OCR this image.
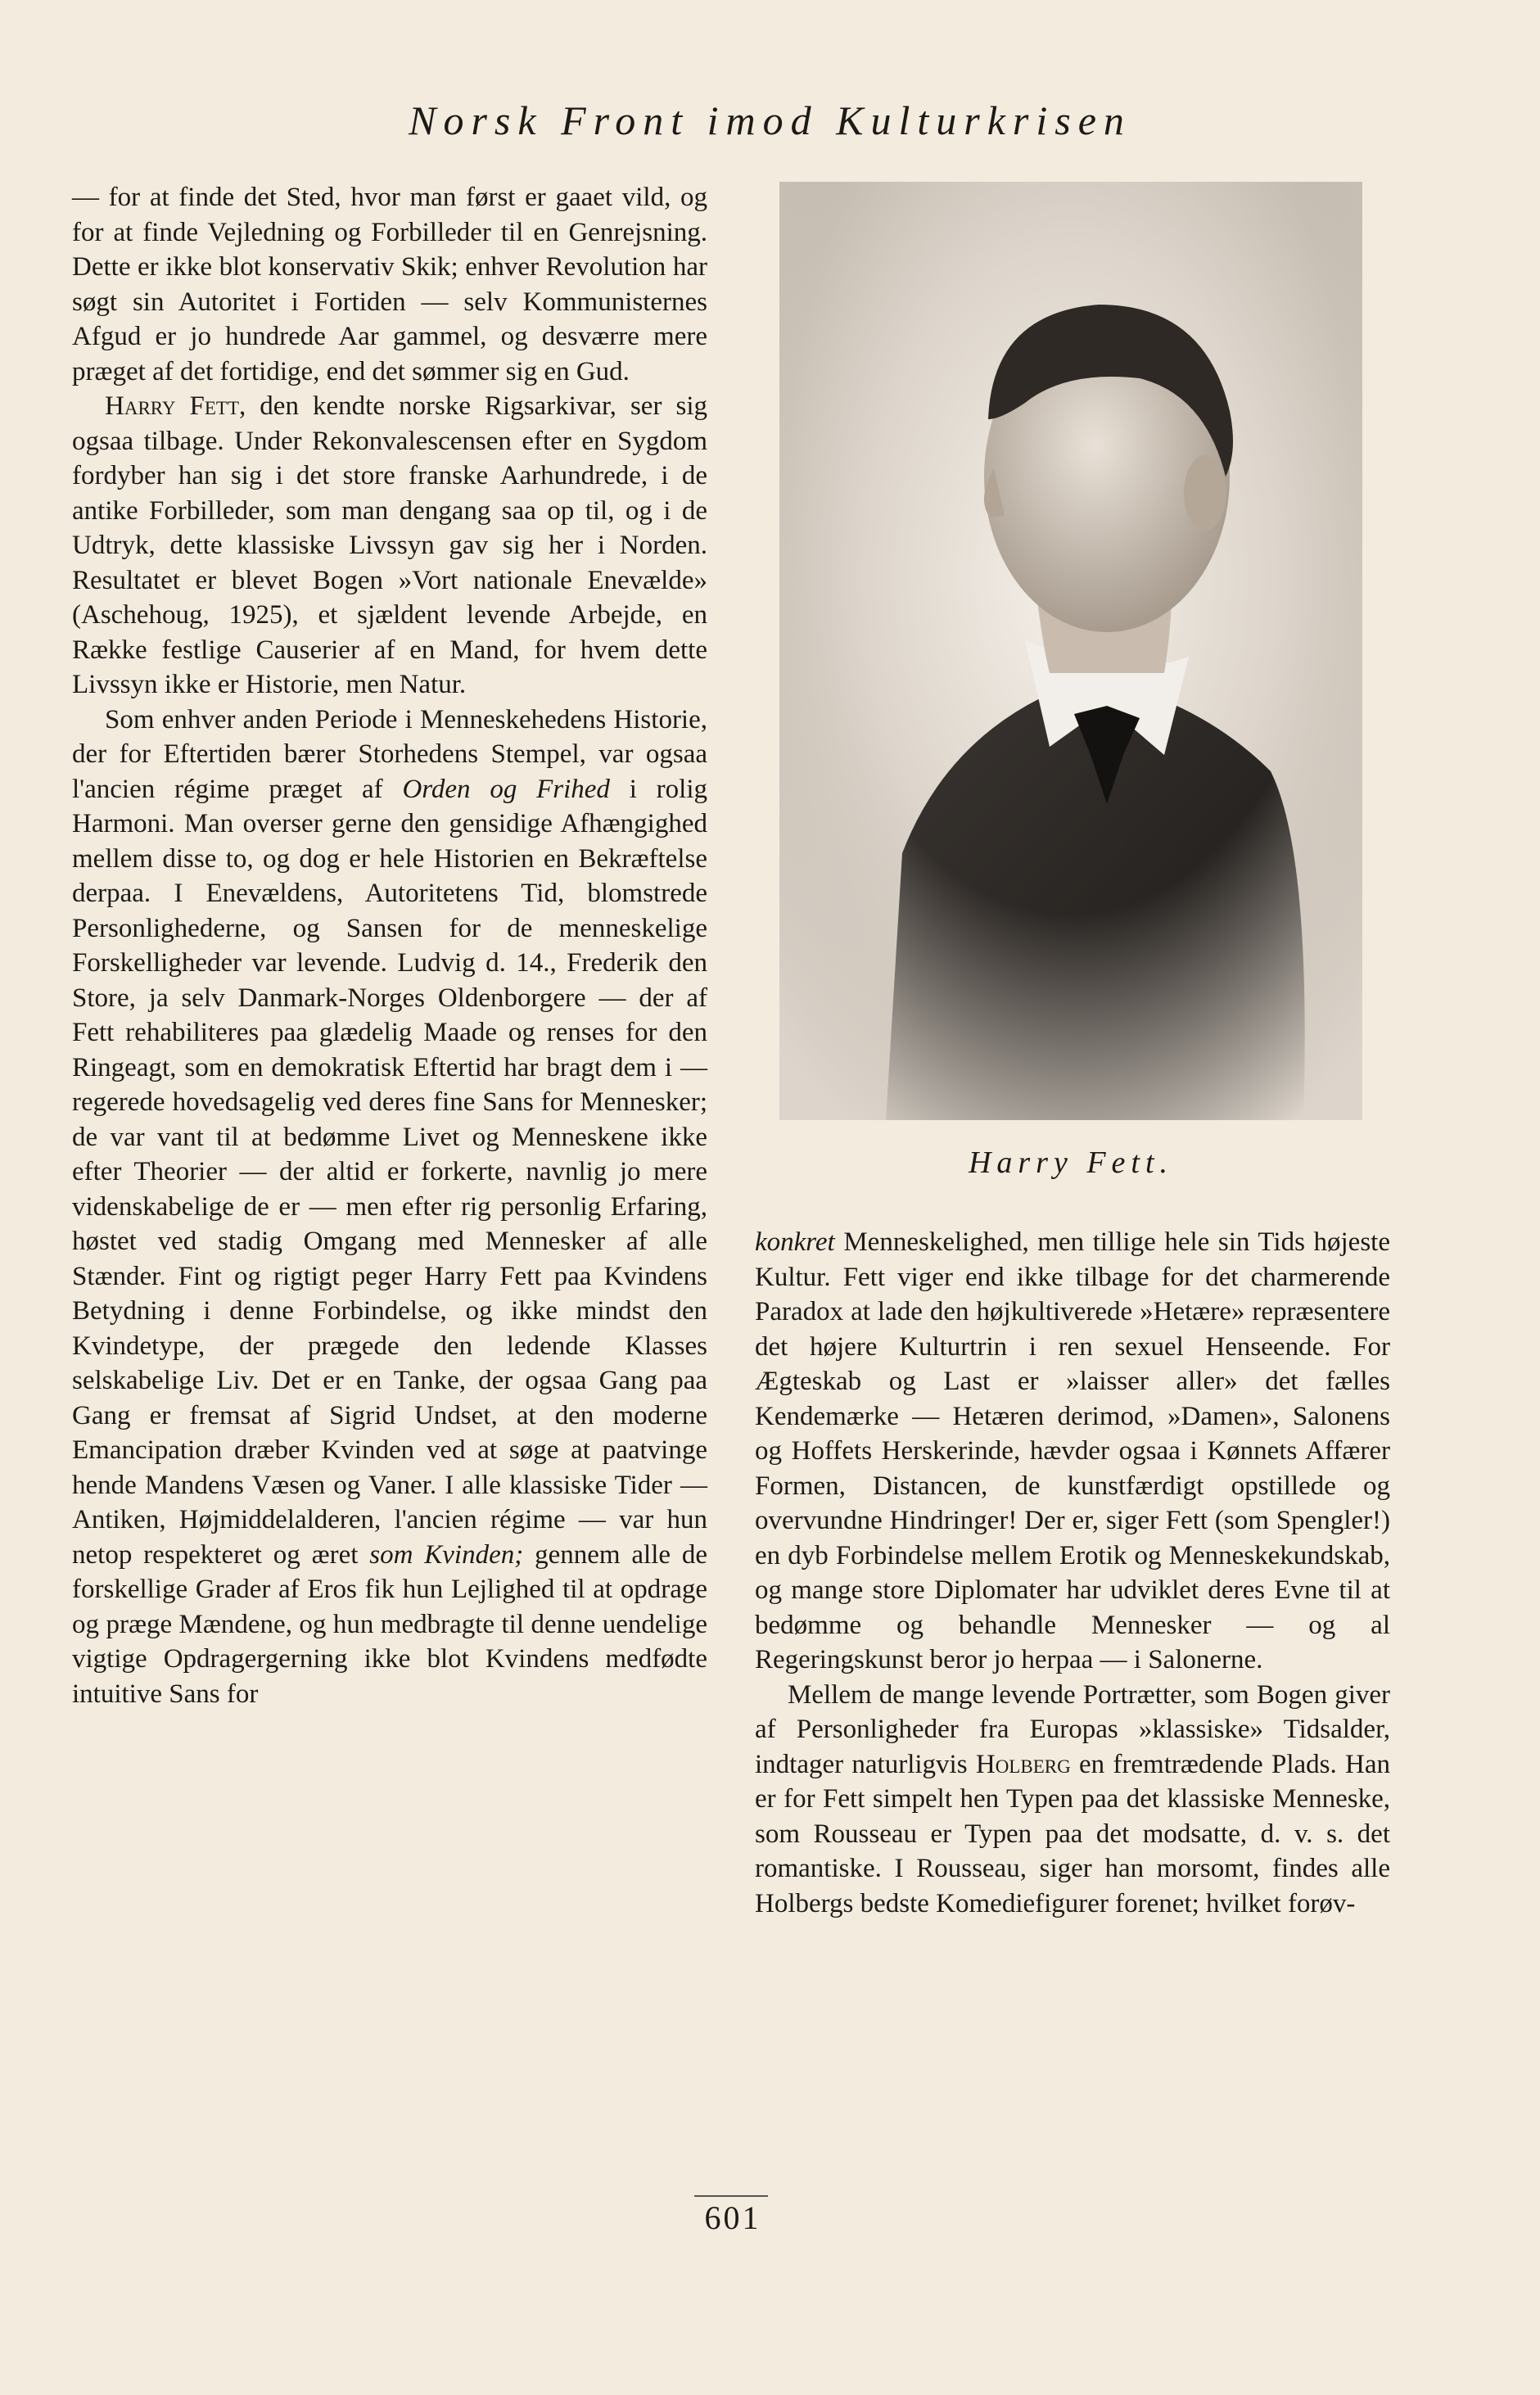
Norsk Front imod Kulturkrisen

— for at finde det Sted, hvor man først er gaaet vild, og for at finde Vejledning og Forbilleder til en Genrejsning. Dette er ikke blot konservativ Skik; enhver Revolution har søgt sin Autoritet i Fortiden — selv Kommunisternes Afgud er jo hundrede Aar gammel, og desværre mere præget af det fortidige, end det sømmer sig en Gud.

Harry Fett, den kendte norske Rigsarkivar, ser sig ogsaa tilbage. Under Rekonvalescensen efter en Sygdom fordyber han sig i det store franske Aarhundrede, i de antike Forbilleder, som man dengang saa op til, og i de Udtryk, dette klassiske Livssyn gav sig her i Norden. Resultatet er blevet Bogen »Vort nationale Enevælde» (Aschehoug, 1925), et sjældent levende Arbejde, en Række festlige Causerier af en Mand, for hvem dette Livssyn ikke er Historie, men Natur.

Som enhver anden Periode i Menneskehedens Historie, der for Eftertiden bærer Storhedens Stempel, var ogsaa l'ancien régime præget af Orden og Frihed i rolig Harmoni. Man overser gerne den gensidige Afhængighed mellem disse to, og dog er hele Historien en Bekræftelse derpaa. I Enevældens, Autoritetens Tid, blomstrede Personlighederne, og Sansen for de menneskelige Forskelligheder var levende. Ludvig d. 14., Frederik den Store, ja selv Danmark-Norges Oldenborgere — der af Fett rehabiliteres paa glædelig Maade og renses for den Ringeagt, som en demokratisk Eftertid har bragt dem i — regerede hovedsagelig ved deres fine Sans for Mennesker; de var vant til at bedømme Livet og Menneskene ikke efter Theorier — der altid er forkerte, navnlig jo mere videnskabelige de er — men efter rig personlig Erfaring, høstet ved stadig Omgang med Mennesker af alle Stænder. Fint og rigtigt peger Harry Fett paa Kvindens Betydning i denne Forbindelse, og ikke mindst den Kvindetype, der prægede den ledende Klasses selskabelige Liv. Det er en Tanke, der ogsaa Gang paa Gang er fremsat af Sigrid Undset, at den moderne Emancipation dræber Kvinden ved at søge at paatvinge hende Mandens Væsen og Vaner. I alle klassiske Tider — Antiken, Højmiddelalderen, l'ancien régime — var hun netop respekteret og æret som Kvinden; gennem alle de forskellige Grader af Eros fik hun Lejlighed til at opdrage og præge Mændene, og hun medbragte til denne uendelige vigtige Opdragergerning ikke blot Kvindens medfødte intuitive Sans for

Harry Fett.

konkret Menneskelighed, men tillige hele sin Tids højeste Kultur. Fett viger end ikke tilbage for det charmerende Paradox at lade den højkultiverede »Hetære» repræsentere det højere Kulturtrin i ren sexuel Henseende. For Ægteskab og Last er »laisser aller» det fælles Kendemærke — Hetæren derimod, »Damen», Salonens og Hoffets Herskerinde, hævder ogsaa i Kønnets Affærer Formen, Distancen, de kunstfærdigt opstillede og overvundne Hindringer! Der er, siger Fett (som Spengler!) en dyb Forbindelse mellem Erotik og Menneskekundskab, og mange store Diplomater har udviklet deres Evne til at bedømme og behandle Mennesker — og al Regeringskunst beror jo herpaa — i Salonerne.

Mellem de mange levende Portrætter, som Bogen giver af Personligheder fra Europas »klassiske» Tidsalder, indtager naturligvis Holberg en fremtrædende Plads. Han er for Fett simpelt hen Typen paa det klassiske Menneske, som Rousseau er Typen paa det modsatte, d. v. s. det romantiske. I Rousseau, siger han morsomt, findes alle Holbergs bedste Komediefigurer forenet; hvilket forøv-

601
